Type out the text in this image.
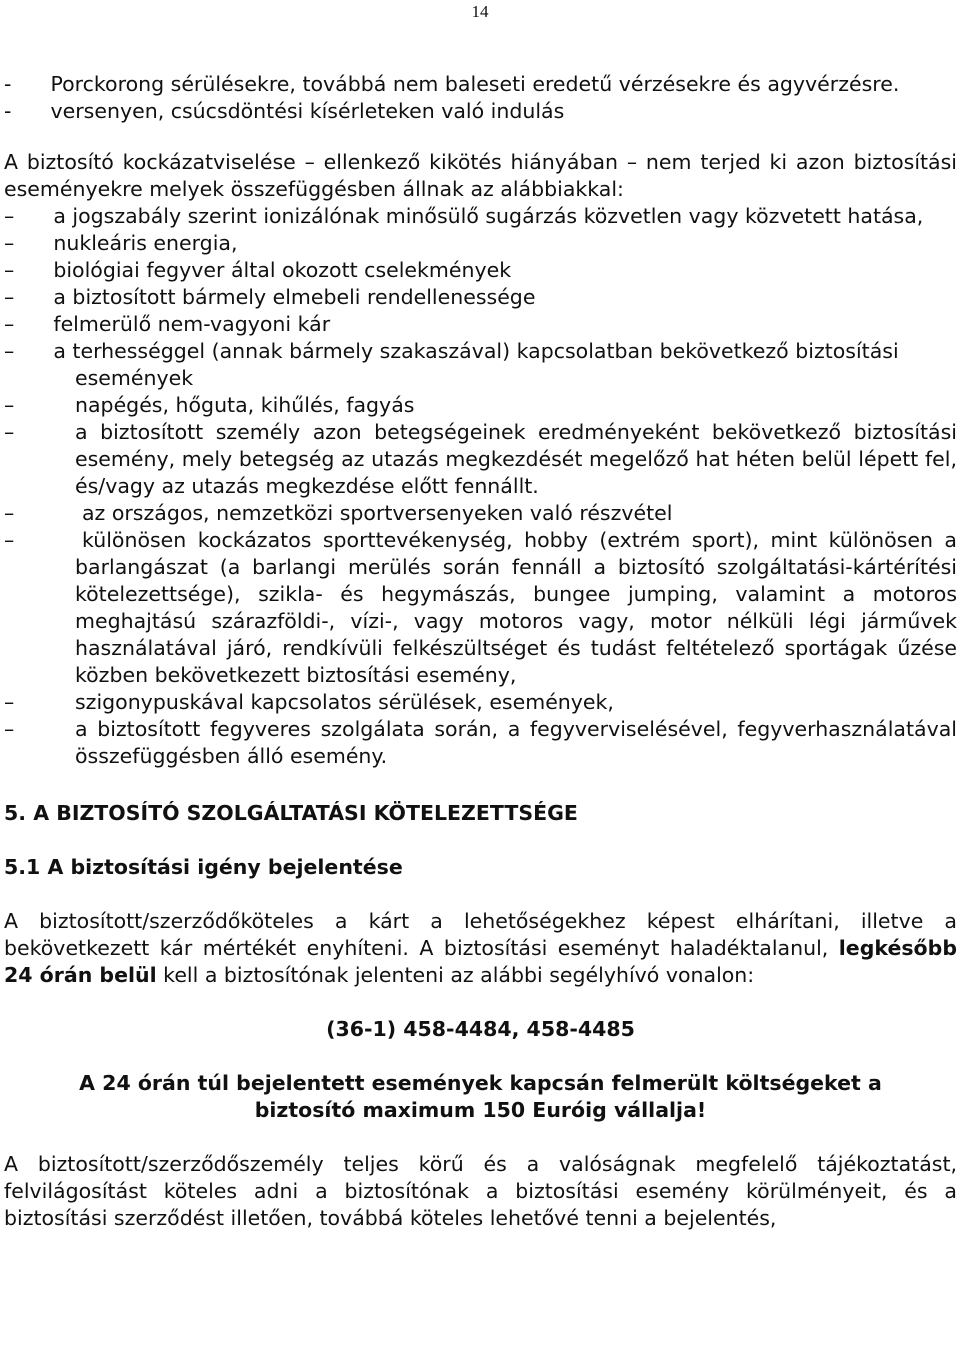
14

-      Porckorong sérülésekre, továbbá nem baleseti eredetű vérzésekre és agyvérzésre.

-      versenyen, csúcsdöntési kísérleteken való indulás

A biztosító kockázatviselése – ellenkező kikötés hiányában – nem terjed ki azon biztosítási eseményekre melyek összefüggésben állnak az alábbiakkal:

–      a jogszabály szerint ionizálónak minősülő sugárzás közvetlen vagy közvetett hatása,

–      nukleáris energia,

–      biológiai fegyver által okozott cselekmények

–      a biztosított bármely elmebeli rendellenessége

–      felmerülő nem-vagyoni kár

–      a terhességgel (annak bármely szakaszával) kapcsolatban bekövetkező biztosítási

események

–	napégés, hőguta, kihűlés, fagyás
–	a biztosított személy azon betegségeinek eredményeként bekövetkező biztosítási esemény, mely betegség az utazás megkezdését megelőző hat héten belül lépett fel, és/vagy az utazás megkezdése előtt fennállt.
–	az országos, nemzetközi sportversenyeken való részvétel
–	különösen kockázatos sporttevékenység, hobby (extrém sport), mint különösen a barlangászat (a barlangi merülés során fennáll a biztosító szolgáltatási-kártérítési kötelezettsége), szikla- és hegymászás, bungee jumping, valamint a motoros meghajtású szárazföldi-, vízi-, vagy motoros vagy, motor nélküli légi járművek használatával járó, rendkívüli felkészültséget és tudást feltételező sportágak űzése közben bekövetkezett biztosítási esemény,
–	szigonypuskával kapcsolatos sérülések, események,
–	a biztosított fegyveres szolgálata során, a fegyverviselésével, fegyverhasználatával összefüggésben álló esemény.

5. A BIZTOSÍTÓ SZOLGÁLTATÁSI KÖTELEZETTSÉGE

5.1 A biztosítási igény bejelentése

A biztosított/szerződőköteles a kárt a lehetőségekhez képest elhárítani, illetve a bekövetkezett kár mértékét enyhíteni. A biztosítási eseményt haladéktalanul, legkésőbb 24 órán belül kell a biztosítónak jelenteni az alábbi segélyhívó vonalon:

(36-1) 458-4484, 458-4485

A 24 órán túl bejelentett események kapcsán felmerült költségeket a biztosító maximum 150 Euróig vállalja!

A biztosított/szerződőszemély teljes körű és a valóságnak megfelelő tájékoztatást, felvilágosítást köteles adni a biztosítónak a biztosítási esemény körülményeit, és a biztosítási szerződést illetően, továbbá köteles lehetővé tenni a bejelentés,
